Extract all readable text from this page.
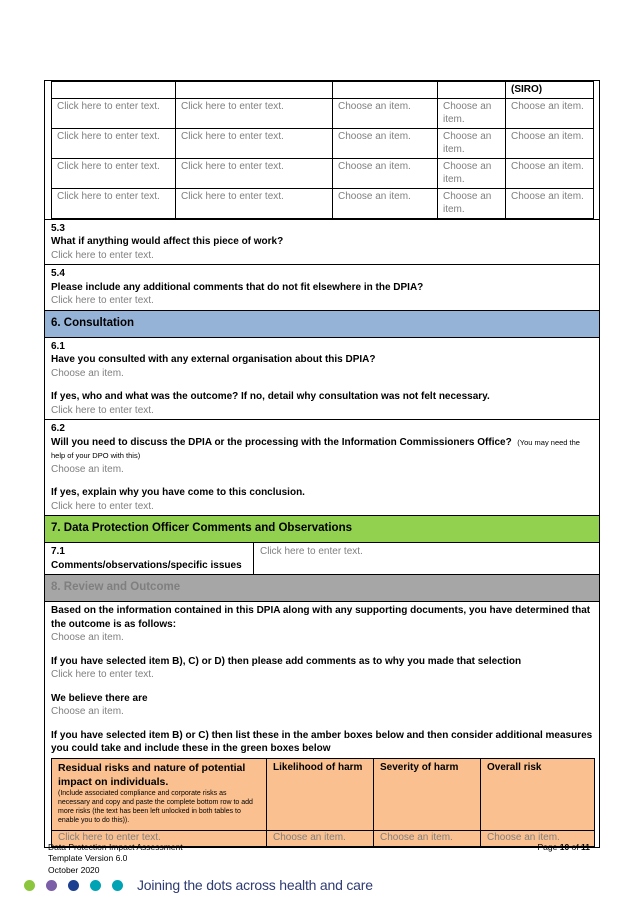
				(SIRO)
Click here to enter text.	Click here to enter text.	Choose an item.	Choose an item.	Choose an item.
Click here to enter text.	Click here to enter text.	Choose an item.	Choose an item.	Choose an item.
Click here to enter text.	Click here to enter text.	Choose an item.	Choose an item.	Choose an item.
Click here to enter text.	Click here to enter text.	Choose an item.	Choose an item.	Choose an item.
5.3
What if anything would affect this piece of work?
Click here to enter text.
5.4
Please include any additional comments that do not fit elsewhere in the DPIA?
Click here to enter text.
6. Consultation
6.1
Have you consulted with any external organisation about this DPIA?
Choose an item.
If yes, who and what was the outcome? If no, detail why consultation was not felt necessary.
Click here to enter text.
6.2
Will you need to discuss the DPIA or the processing with the Information Commissioners Office? (You may need the help of your DPO with this)
Choose an item.
If yes, explain why you have come to this conclusion.
Click here to enter text.
7. Data Protection Officer Comments and Observations
7.1
Comments/observations/specific issues
Click here to enter text.
8. Review and Outcome
Based on the information contained in this DPIA along with any supporting documents, you have determined that the outcome is as follows:
Choose an item.
If you have selected item B), C) or D) then please add comments as to why you made that selection
Click here to enter text.
We believe there are
Choose an item.
If you have selected item B) or C) then list these in the amber boxes below and then consider additional measures you could take and include these in the green boxes below
Residual risks and nature of potential impact on individuals.
(Include associated compliance and corporate risks as necessary and copy and paste the complete bottom row to add more risks (the text has been left unlocked in both tables to enable you to do this)).	Likelihood of harm	Severity of harm	Overall risk
Click here to enter text.	Choose an item.	Choose an item.	Choose an item.
Data Protection Impact Assessment
Template Version 6.0
October 2020
Page 10 of 11
Joining the dots across health and care
